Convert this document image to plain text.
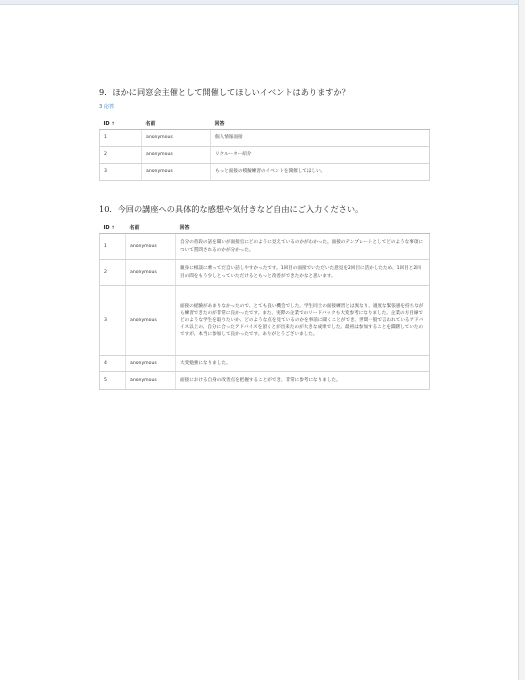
9．ほかに同窓会主催として開催してほしいイベントはありますか？
3 応答
ID ↑	名前	回答
1	anonymous	個人情報面接
2	anonymous	リクルーター紹介
3	anonymous	もっと面接の模擬練習のイベントを開催してほしい。
10．今回の講座への具体的な感想や気付きなど自由にご入力ください。
ID ↑	名前	回答
1	anonymous	自分の普段の話を聞いが面接官にどのように見えているのかがわかった。面接のテンプレートとしてどのような事項について質問されるのかが分かった。
2	anonymous	親身に相談に乗ってだ自い話しやすかったです。1回目の面接でいただいた意見を2回目に活かしたため、1回目と2回目の間をもう少しとっていただけるともっと改善ができたかなと思います。
3	anonymous	面接の経験があまりなかったので、とても良い機会でした。学生同士の面接練習とは異なり、適度な緊張感を持ちながら練習できたのが非常に良かったです。また、実際の企業でのリードバックも大変参考になりました。企業の方目線でどのような学生を取りたいか、どのような点を見ているのかを事前に聞くことができ、世間一般で言われているアドバイス以上の、自分に合ったアドバイスを頂くとが出来たのが大きな成果でした。最初は参加することを躊躇していたのですが、本当に参加して良かったです。ありがとうございました。
4	anonymous	大変勉強になりました。
5	anonymous	面接における自身の改善点を把握することができ、非常に参考になりました。
